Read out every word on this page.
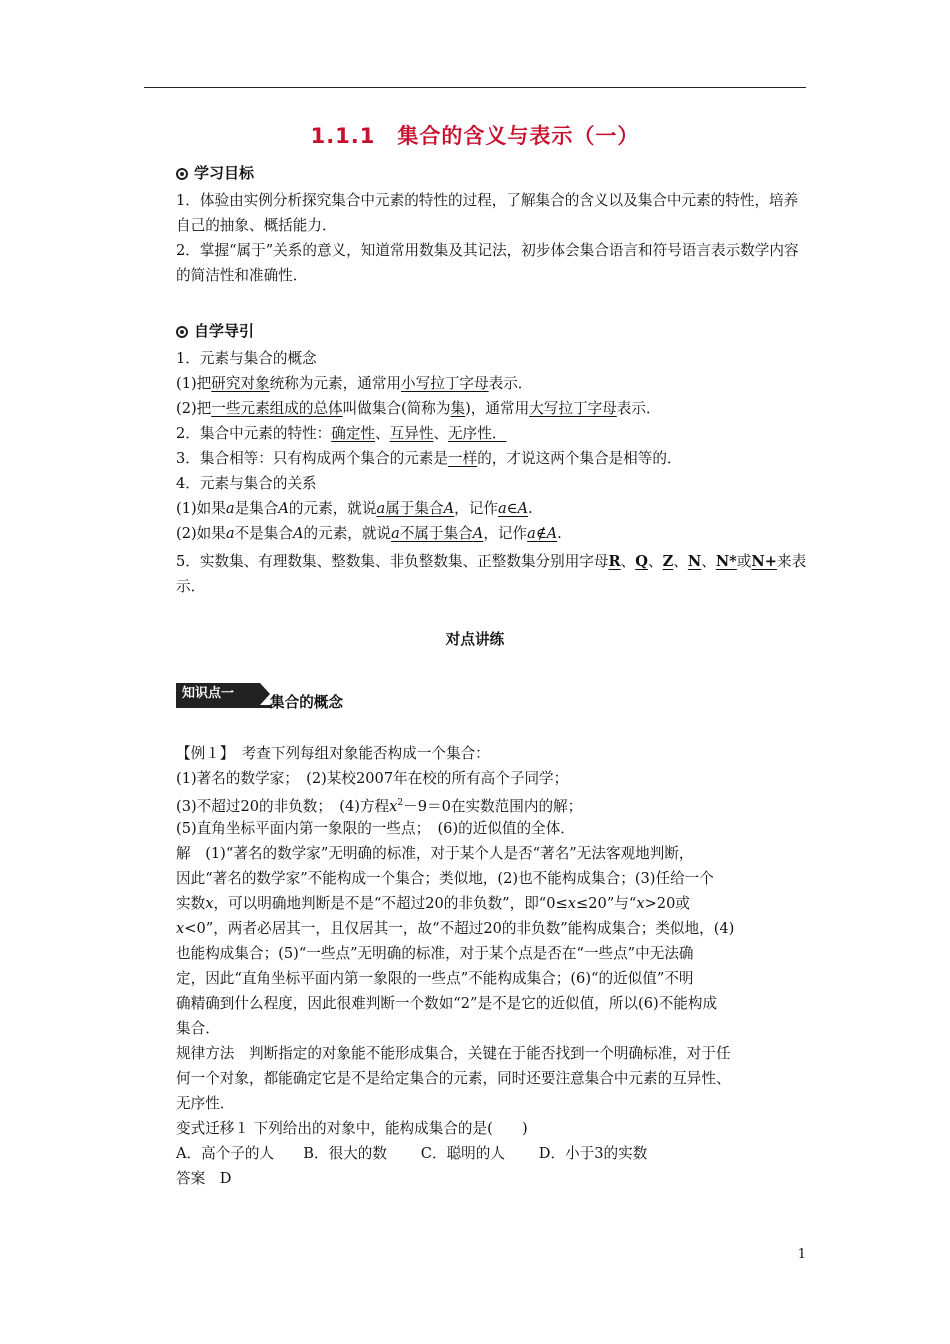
1.1.1　集合的含义与表示（一）
学习目标

1．体验由实例分析探究集合中元素的特性的过程，了解集合的含义以及集合中元素的特性，培养自己的抽象、概括能力．

2．掌握“属于”关系的意义，知道常用数集及其记法，初步体会集合语言和符号语言表示数学内容的简洁性和准确性．

自学导引
1．元素与集合的概念
(1)把研究对象统称为元素，通常用小写拉丁字母表示．
(2)把一些元素组成的总体叫做集合(简称为集)，通常用大写拉丁字母表示．
2．集合中元素的特性：确定性、互异性、无序性．
3．集合相等：只有构成两个集合的元素是一样的，才说这两个集合是相等的．
4．元素与集合的关系
(1)如果a是集合A的元素，就说a属于集合A，记作a∈A.
(2)如果a不是集合A的元素，就说a不属于集合A，记作a∉A.
5．实数集、有理数集、整数集、非负整数集、正整数集分别用字母R、Q、Z、N、N*或N+来表
示．
对点讲练
知识点一
集合的概念
【例１】　考查下列每组对象能否构成一个集合：
(1)著名的数学家；　(2)某校2007年在校的所有高个子同学；
(3)不超过20的非负数；　(4)方程$x^2-9=0$在实数范围内的解；
(5)直角坐标平面内第一象限的一些点；　(6)的近似值的全体．
解　(1)“著名的数学家”无明确的标准，对于某个人是否“著名”无法客观地判断，
因此“著名的数学家”不能构成一个集合；类似地，(2)也不能构成集合；(3)任给一个
实数x，可以明确地判断是不是“不超过20的非负数”，即“0≤x≤20”与“x>20或
x<0”，两者必居其一，且仅居其一，故“不超过20的非负数”能构成集合；类似地，(4)
也能构成集合；(5)“一些点”无明确的标准，对于某个点是否在“一些点”中无法确
定，因此“直角坐标平面内第一象限的一些点”不能构成集合；(6)“的近似值”不明
确精确到什么程度，因此很难判断一个数如“2”是不是它的近似值，所以(6)不能构成
集合．
规律方法　判断指定的对象能不能形成集合，关键在于能否找到一个明确标准，对于任
何一个对象，都能确定它是不是给定集合的元素，同时还要注意集合中元素的互异性、
无序性．
变式迁移１ 下列给出的对象中，能构成集合的是(　　)
A．高个子的人　　B．很大的数　　 C．聪明的人　　 D．小于3的实数
答案　D
1
